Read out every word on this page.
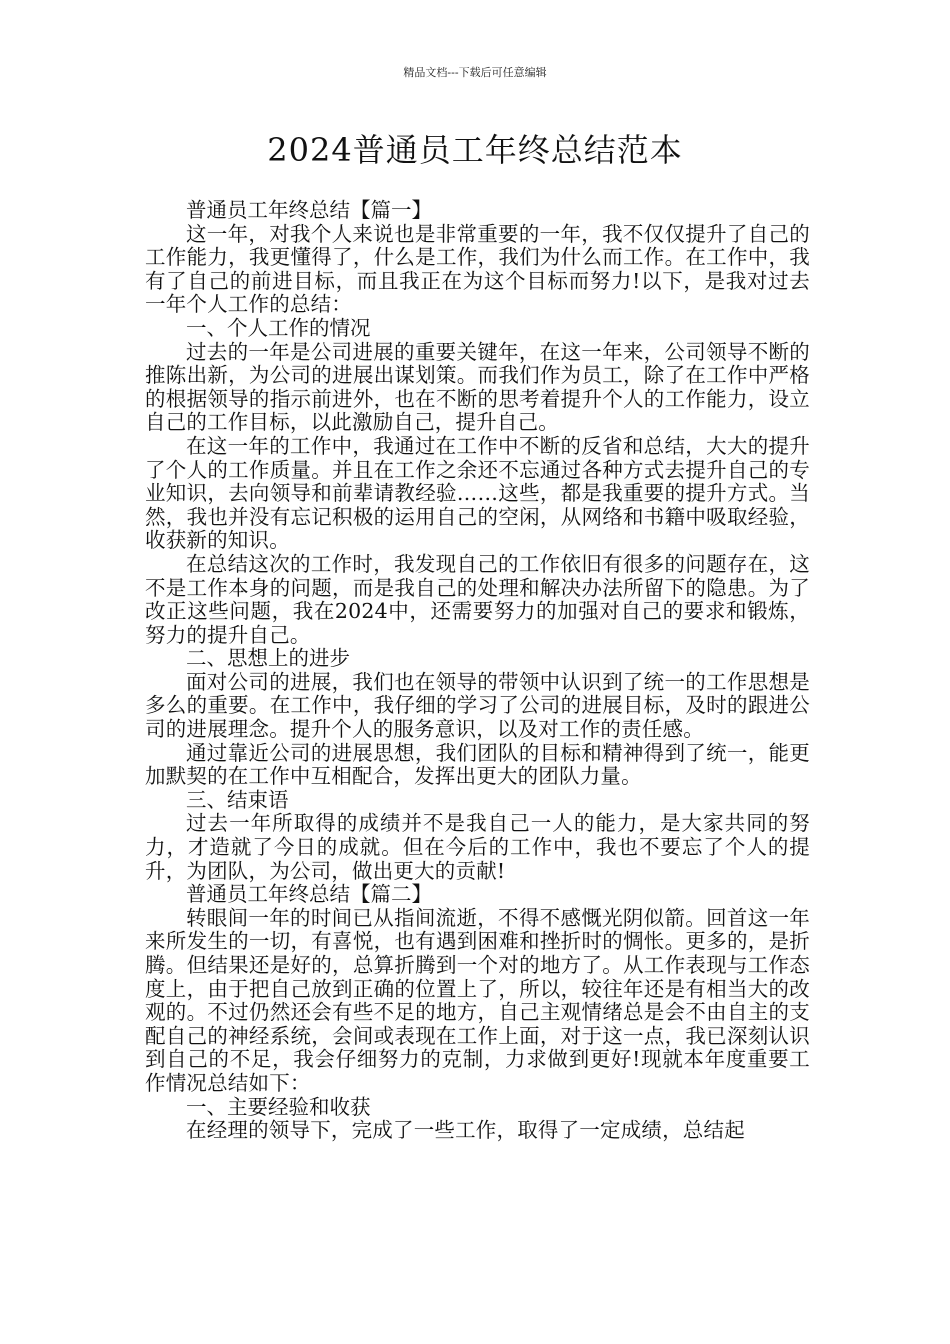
精品文档---下载后可任意编辑
2024普通员工年终总结范本

普通员工年终总结【篇一】

这一年，对我个人来说也是非常重要的一年，我不仅仅提升了自己的工作能力，我更懂得了，什么是工作，我们为什么而工作。在工作中，我有了自己的前进目标，而且我正在为这个目标而努力!以下，是我对过去一年个人工作的总结：

一、个人工作的情况

过去的一年是公司进展的重要关键年，在这一年来，公司领导不断的推陈出新，为公司的进展出谋划策。而我们作为员工，除了在工作中严格的根据领导的指示前进外，也在不断的思考着提升个人的工作能力，设立自己的工作目标，以此激励自己，提升自己。

在这一年的工作中，我通过在工作中不断的反省和总结，大大的提升了个人的工作质量。并且在工作之余还不忘通过各种方式去提升自己的专业知识，去向领导和前辈请教经验……这些，都是我重要的提升方式。当然，我也并没有忘记积极的运用自己的空闲，从网络和书籍中吸取经验，收获新的知识。

在总结这次的工作时，我发现自己的工作依旧有很多的问题存在，这不是工作本身的问题，而是我自己的处理和解决办法所留下的隐患。为了改正这些问题，我在2024中，还需要努力的加强对自己的要求和锻炼，努力的提升自己。

二、思想上的进步

面对公司的进展，我们也在领导的带领中认识到了统一的工作思想是多么的重要。在工作中，我仔细的学习了公司的进展目标，及时的跟进公司的进展理念。提升个人的服务意识，以及对工作的责任感。

通过靠近公司的进展思想，我们团队的目标和精神得到了统一，能更加默契的在工作中互相配合，发挥出更大的团队力量。

三、结束语

过去一年所取得的成绩并不是我自己一人的能力，是大家共同的努力，才造就了今日的成就。但在今后的工作中，我也不要忘了个人的提升，为团队，为公司，做出更大的贡献!

普通员工年终总结【篇二】

转眼间一年的时间已从指间流逝，不得不感慨光阴似箭。回首这一年来所发生的一切，有喜悦，也有遇到困难和挫折时的惆怅。更多的，是折腾。但结果还是好的，总算折腾到一个对的地方了。从工作表现与工作态度上，由于把自己放到正确的位置上了，所以，较往年还是有相当大的改观的。不过仍然还会有些不足的地方，自己主观情绪总是会不由自主的支配自己的神经系统，会间或表现在工作上面，对于这一点，我已深刻认识到自己的不足，我会仔细努力的克制，力求做到更好!现就本年度重要工作情况总结如下：

一、主要经验和收获

在经理的领导下，完成了一些工作，取得了一定成绩，总结起
